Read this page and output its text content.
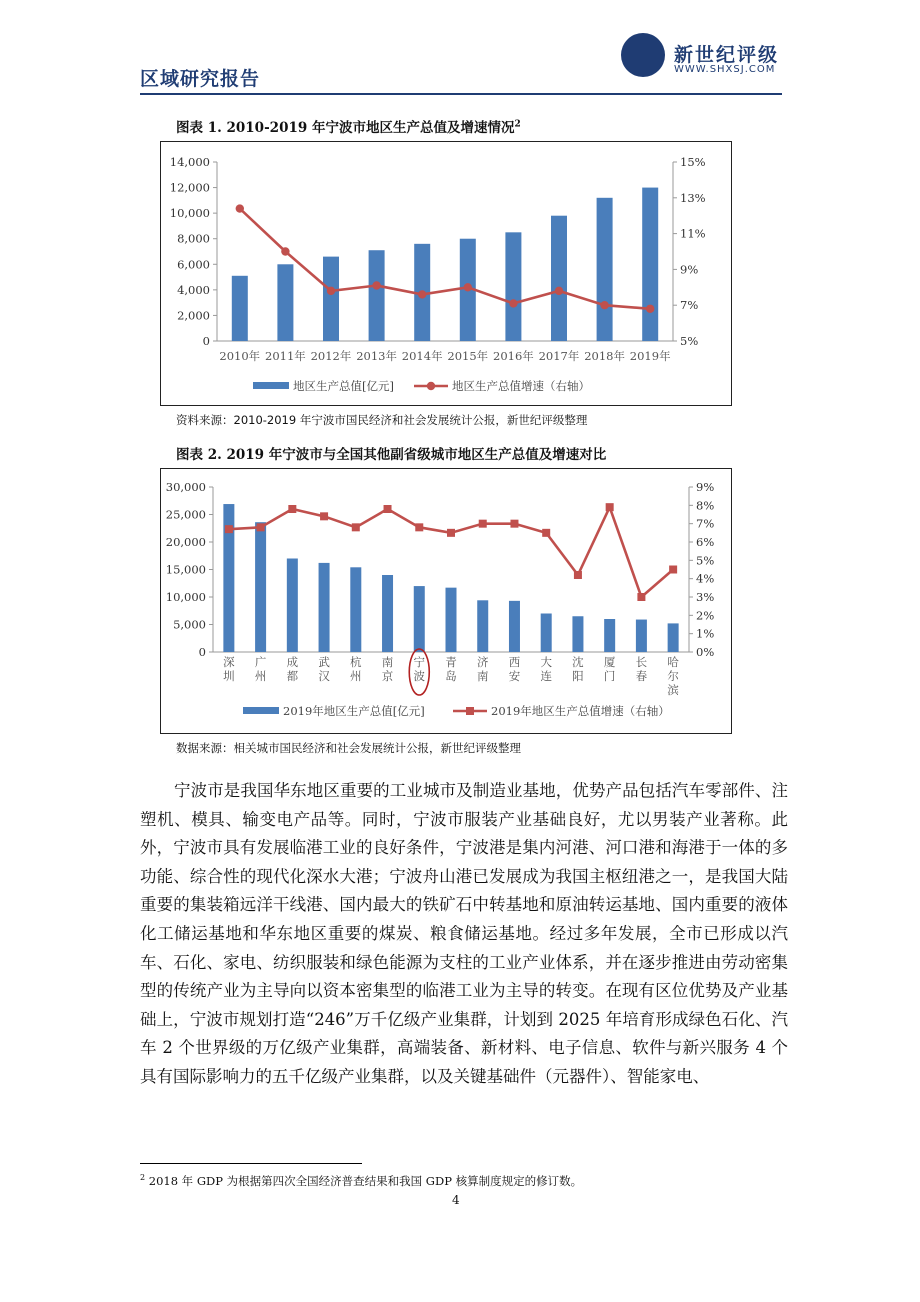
区域研究报告
新世纪评级
WWW.SHXSJ.COM
图表 1. 2010-2019 年宁波市地区生产总值及增速情况$^2$
0
2,000
4,000
6,000
8,000
10,000
12,000
14,000
5%
7%
9%
11%
13%
15%
2010年 2011年 2012年 2013年 2014年 2015年 2016年 2017年 2018年 2019年
地区生产总值[亿元]	地区生产总值增速（右轴）
资料来源：2010-2019 年宁波市国民经济和社会发展统计公报，新世纪评级整理
图表 2. 2019 年宁波市与全国其他副省级城市地区生产总值及增速对比
0
5,000
10,000
15,000
20,000
25,000
30,000
0%
1%
2%
3%
4%
5%
6%
7%
8%
9%
深圳
广州
成都
武汉
杭州
南京
宁波
青岛
济南
西安
大连
沈阳
厦门
长春
哈尔滨
2019年地区生产总值[亿元]	2019年地区生产总值增速（右轴）
数据来源：相关城市国民经济和社会发展统计公报，新世纪评级整理
宁波市是我国华东地区重要的工业城市及制造业基地，优势产品包括汽车零部件、注塑机、模具、输变电产品等。同时，宁波市服装产业基础良好，尤以男装产业著称。此外，宁波市具有发展临港工业的良好条件，宁波港是集内河港、河口港和海港于一体的多功能、综合性的现代化深水大港；宁波舟山港已发展成为我国主枢纽港之一，是我国大陆重要的集装箱远洋干线港、国内最大的铁矿石中转基地和原油转运基地、国内重要的液体化工储运基地和华东地区重要的煤炭、粮食储运基地。经过多年发展，全市已形成以汽车、石化、家电、纺织服装和绿色能源为支柱的工业产业体系，并在逐步推进由劳动密集型的传统产业为主导向以资本密集型的临港工业为主导的转变。在现有区位优势及产业基础上，宁波市规划打造“246”万千亿级产业集群，计划到 2025 年培育形成绿色石化、汽车 2 个世界级的万亿级产业集群，高端装备、新材料、电子信息、软件与新兴服务 4 个具有国际影响力的五千亿级产业集群，以及关键基础件（元器件）、智能家电、
$^2$ 2018 年 GDP 为根据第四次全国经济普查结果和我国 GDP 核算制度规定的修订数。
4
